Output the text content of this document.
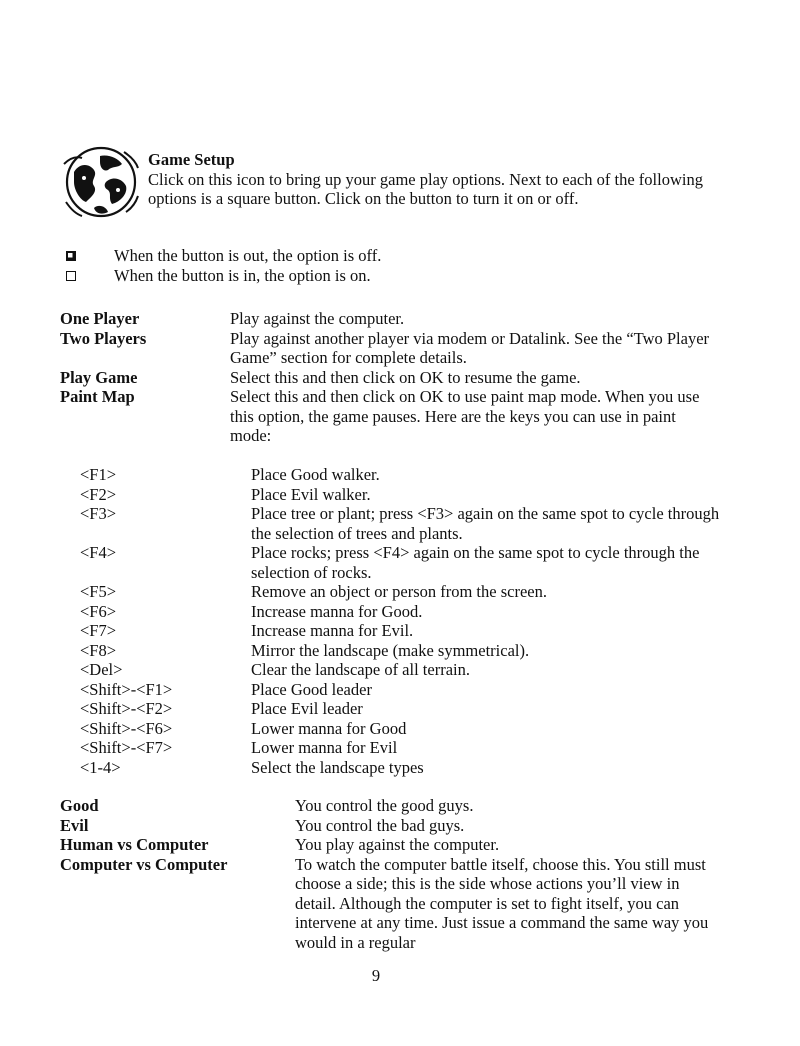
Game Setup
Click on this icon to bring up your game play options. Next to each of the following options is a square button. Click on the button to turn it on or off.
When the button is out, the option is off.
When the button is in, the option is on.
One Player	Play against the computer.
Two Players	Play against another player via modem or Datalink. See the “Two Player Game” section for complete details.
Play Game	Select this and then click on OK to resume the game.
Paint Map	Select this and then click on OK to use paint map mode. When you use this option, the game pauses. Here are the keys you can use in paint mode:
<F1>	Place Good walker.
<F2>	Place Evil walker.
<F3>	Place tree or plant; press <F3> again on the same spot to cycle through the selection of trees and plants.
<F4>	Place rocks; press <F4> again on the same spot to cycle through the selection of rocks.
<F5>	Remove an object or person from the screen.
<F6>	Increase manna for Good.
<F7>	Increase manna for Evil.
<F8>	Mirror the landscape (make symmetrical).
<Del>	Clear the landscape of all terrain.
<Shift>-<F1>	Place Good leader
<Shift>-<F2>	Place Evil leader
<Shift>-<F6>	Lower manna for Good
<Shift>-<F7>	Lower manna for Evil
<1-4>	Select the landscape types
Good	You control the good guys.
Evil	You control the bad guys.
Human vs Computer	You play against the computer.
Computer vs Computer	To watch the computer battle itself, choose this. You still must choose a side; this is the side whose actions you’ll view in detail. Although the computer is set to fight itself, you can intervene at any time. Just issue a command the same way you would in a regular
9
